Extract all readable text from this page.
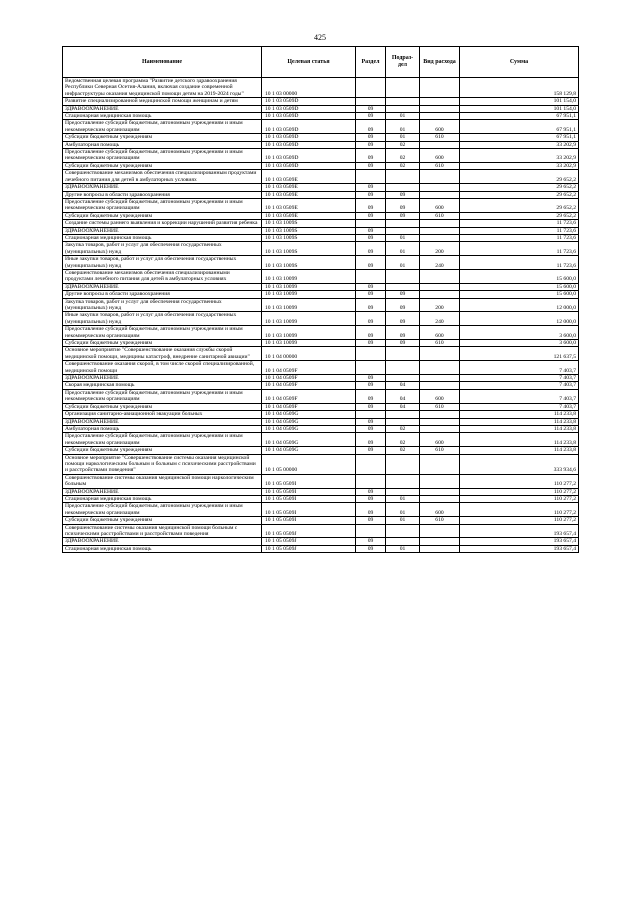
425
Наименование	Целевая статья	Раздел	Подраз-дел	Вид расхода	Сумма
Ведомственная целевая программа "Развитие детского здравоохранения Республики Северная Осетия-Алания, включая создание современной инфраструктуры оказания медицинской помощи детям на 2019-2024 годы"	10 1 03 00000				158 129,8
Развитие специализированной медицинской помощи женщинам и детям	10 1 03 0509D				101 154,0
ЗДРАВООХРАНЕНИЕ	10 1 03 0509D	09			101 154,0
Стационарная медицинская помощь	10 1 03 0509D	09	01		67 951,1
Предоставление субсидий бюджетным, автономным учреждениям и иным некоммерческим организациям	10 1 03 0509D	09	01	600	67 951,1
Субсидии бюджетным учреждениям	10 1 03 0509D	09	01	610	67 951,1
Амбулаторная помощь	10 1 03 0509D	09	02		33 202,9
Предоставление субсидий бюджетным, автономным учреждениям и иным некоммерческим организациям	10 1 03 0509D	09	02	600	33 202,9
Субсидии бюджетным учреждениям	10 1 03 0509D	09	02	610	33 202,9
Совершенствование механизмов обеспечения специализированным продуктами лечебного питания для детей в амбулаторных условиях	10 1 03 0509E				29 652,2
ЗДРАВООХРАНЕНИЕ	10 1 03 0509E	09			29 652,2
Другие вопросы в области здравоохранения	10 1 03 0509E	09	09		29 652,2
Предоставление субсидий бюджетным, автономным учреждениям и иным некоммерческим организациям	10 1 03 0509E	09	09	600	29 652,2
Субсидии бюджетным учреждениям	10 1 03 0509E	09	09	610	29 652,2
Создание системы раннего выявления и коррекции нарушений развития ребенка	10 1 03 1009S				11 723,6
ЗДРАВООХРАНЕНИЕ	10 1 03 1009S	09			11 723,6
Стационарная медицинская помощь	10 1 03 1009S	09	01		11 723,6
Закупка товаров, работ и услуг для обеспечения государственных (муниципальных) нужд	10 1 03 1009S	09	01	200	11 723,6
Иные закупки товаров, работ и услуг для обеспечения государственных (муниципальных) нужд	10 1 03 1009S	09	01	240	11 723,6
Совершенствование механизмов обеспечения специализированными продуктами лечебного питания для детей в амбулаторных условиях	10 1 03 10099				15 600,0
ЗДРАВООХРАНЕНИЕ	10 1 03 10099	09			15 600,0
Другие вопросы в области здравоохранения	10 1 03 10099	09	09		15 600,0
Закупка товаров, работ и услуг для обеспечения государственных (муниципальных) нужд	10 1 03 10099	09	09	200	12 000,0
Иные закупки товаров, работ и услуг для обеспечения государственных (муниципальных) нужд	10 1 03 10099	09	09	240	12 000,0
Предоставление субсидий бюджетным, автономным учреждениям и иным некоммерческим организациям	10 1 03 10099	09	09	600	3 600,0
Субсидии бюджетным учреждениям	10 1 03 10099	09	09	610	3 600,0
Основное мероприятие "Совершенствование оказания службы скорой медицинской помощи, медицины катастроф, внедрение санитарной авиации"	10 1 04 00000				121 637,5
Совершенствование оказания скорой, в том числе скорой специализированной, медицинской помощи	10 1 04 0509F				7 403,7
ЗДРАВООХРАНЕНИЕ	10 1 04 0509F	09			7 403,7
Скорая медицинская помощь	10 1 04 0509F	09	04		7 403,7
Предоставление субсидий бюджетным, автономным учреждениям и иным некоммерческим организациям	10 1 04 0509F	09	04	600	7 403,7
Субсидии бюджетным учреждениям	10 1 04 0509F	09	04	610	7 403,7
Организация санитарно-авиационной эвакуации больных	10 1 04 0509G				114 233,8
ЗДРАВООХРАНЕНИЕ	10 1 04 0509G	09			114 233,8
Амбулаторная помощь	10 1 04 0509G	09	02		114 233,8
Предоставление субсидий бюджетным, автономным учреждениям и иным некоммерческим организациям	10 1 04 0509G	09	02	600	114 233,8
Субсидии бюджетным учреждениям	10 1 04 0509G	09	02	610	114 233,8
Основное мероприятие "Совершенствование системы оказания медицинской помощи наркологическим больным и больным с психическими расстройствами и расстройствами поведения"	10 1 05 00000				333 934,6
Совершенствование системы оказания медицинской помощи наркологическим больным	10 1 05 0509I				110 277,2
ЗДРАВООХРАНЕНИЕ	10 1 05 0509I	09			110 277,2
Стационарная медицинская помощь	10 1 05 0509I	09	01		110 277,2
Предоставление субсидий бюджетным, автономным учреждениям и иным некоммерческим организациям	10 1 05 0509I	09	01	600	110 277,2
Субсидии бюджетным учреждениям	10 1 05 0509I	09	01	610	110 277,2
Совершенствование системы оказания медицинской помощи больным с психическими расстройствами и расстройствами поведения	10 1 05 0509J				193 657,4
ЗДРАВООХРАНЕНИЕ	10 1 05 0509J	09			193 657,4
Стационарная медицинская помощь	10 1 05 0509J	09	01		193 657,4
